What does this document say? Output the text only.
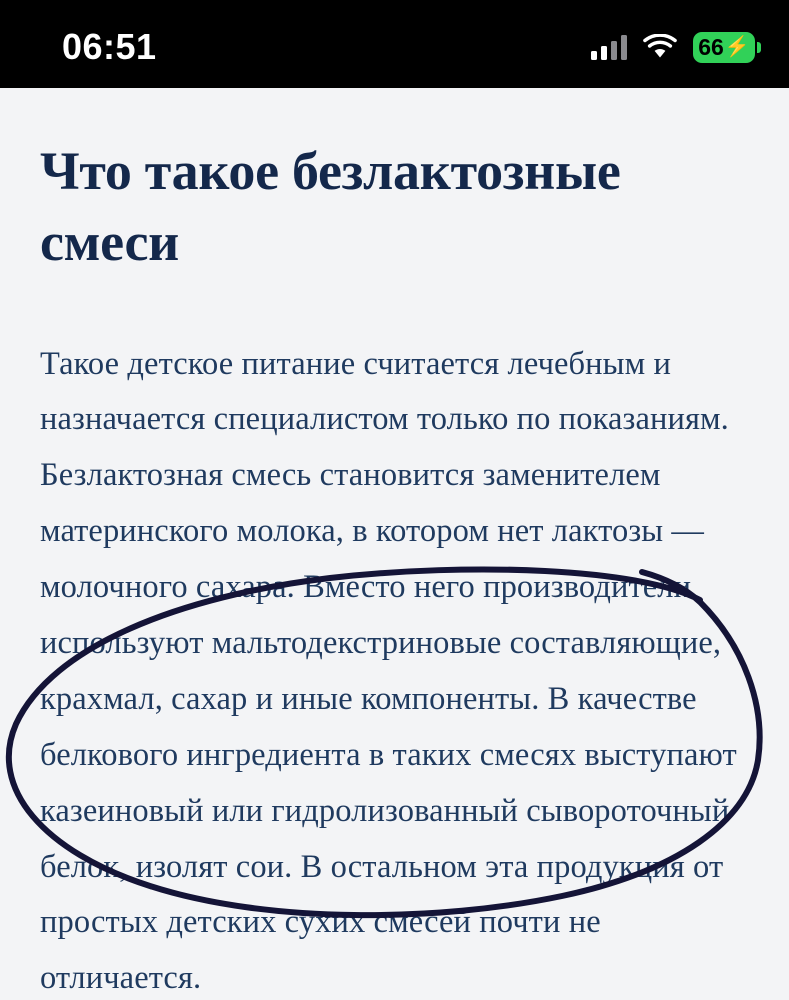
06:51	66 ⚡
Что такое безлактозные смеси

Такое детское питание считается лечебным и назначается специалистом только по показаниям. Безлактозная смесь становится заменителем материнского молока, в котором нет лактозы — молочного сахара. Вместо него производители используют мальтодекстриновые составляющие, крахмал, сахар и иные компоненты. В качестве белкового ингредиента в таких смесях выступают казеиновый или гидролизованный сывороточный белок, изолят сои. В остальном эта продукция от простых детских сухих смесей почти не отличается.
